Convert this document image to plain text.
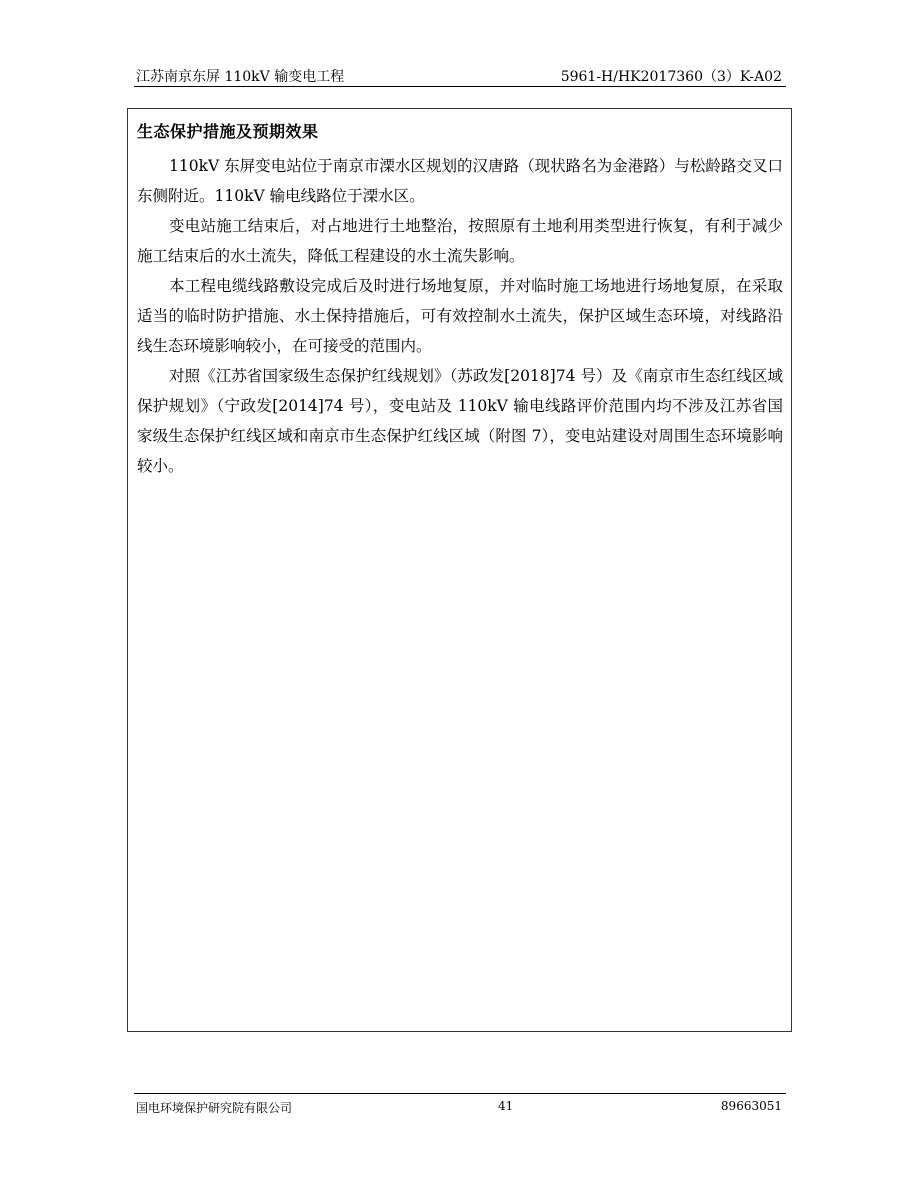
江苏南京东屏 110kV 输变电工程	5961-H/HK2017360（3）K-A02
生态保护措施及预期效果

110kV 东屏变电站位于南京市溧水区规划的汉唐路（现状路名为金港路）与松龄路交叉口东侧附近。110kV 输电线路位于溧水区。

变电站施工结束后，对占地进行土地整治，按照原有土地利用类型进行恢复，有利于减少施工结束后的水土流失，降低工程建设的水土流失影响。

本工程电缆线路敷设完成后及时进行场地复原，并对临时施工场地进行场地复原，在采取适当的临时防护措施、水土保持措施后，可有效控制水土流失，保护区域生态环境，对线路沿线生态环境影响较小，在可接受的范围内。

对照《江苏省国家级生态保护红线规划》（苏政发[2018]74 号）及《南京市生态红线区域保护规划》（宁政发[2014]74 号），变电站及 110kV 输电线路评价范围内均不涉及江苏省国家级生态保护红线区域和南京市生态保护红线区域（附图 7），变电站建设对周围生态环境影响较小。

国电环境保护研究院有限公司	41	89663051
